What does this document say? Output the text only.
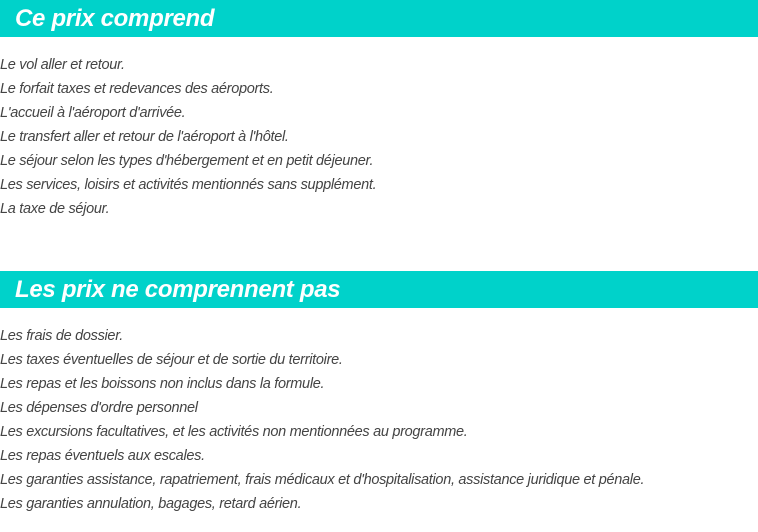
Ce prix comprend
Le vol aller et retour.
Le forfait taxes et redevances des aéroports.
L'accueil à l'aéroport d'arrivée.
Le transfert aller et retour de l'aéroport à l'hôtel.
Le séjour selon les types d'hébergement et en petit déjeuner.
Les services, loisirs et activités mentionnés sans supplément.
La taxe de séjour.
Les prix ne comprennent pas
Les frais de dossier.
Les taxes éventuelles de séjour et de sortie du territoire.
Les repas et les boissons non inclus dans la formule.
Les dépenses d'ordre personnel
Les excursions facultatives, et les activités non mentionnées au programme.
Les repas éventuels aux escales.
Les garanties assistance, rapatriement, frais médicaux et d'hospitalisation, assistance juridique et pénale.
Les garanties annulation, bagages, retard aérien.
